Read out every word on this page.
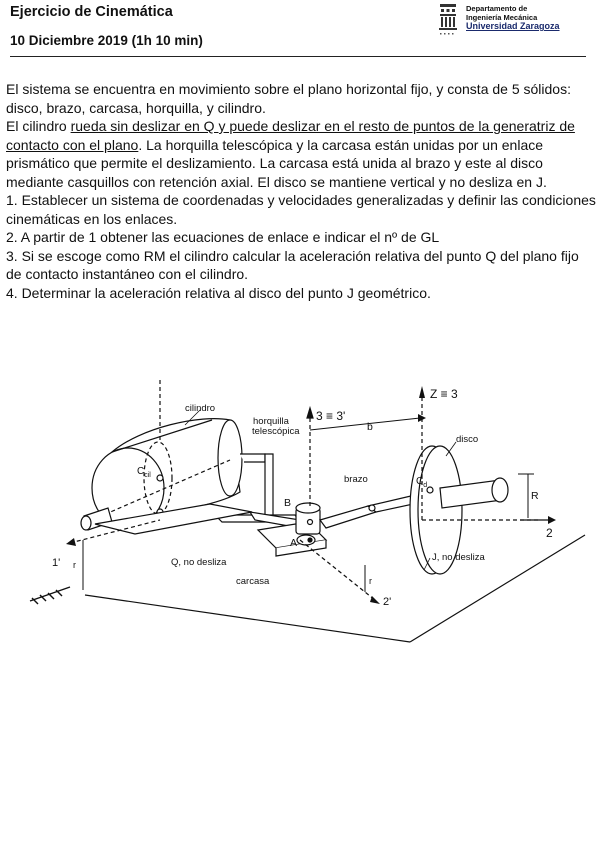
Ejercicio de Cinemática
10 Diciembre 2019 (1h 10 min)
Departamento de
Ingeniería Mecánica
Universidad Zaragoza

El sistema se encuentra en movimiento sobre el plano horizontal fijo, y consta de 5 sólidos: disco, brazo, carcasa, horquilla, y cilindro.

El cilindro rueda sin deslizar en Q y puede deslizar en el resto de puntos de la generatriz de contacto con el plano. La horquilla telescópica y la carcasa están unidas por un enlace prismático que permite el deslizamiento. La carcasa está unida al brazo y este al disco mediante casquillos con retención axial. El disco se mantiene vertical y no desliza en J.

1. Establecer un sistema de coordenadas y velocidades generalizadas y definir las condiciones cinemáticas en los enlaces.

2. A partir de 1 obtener las ecuaciones de enlace e indicar el nº de GL

3. Si se escoge como RM el cilindro calcular la aceleración relativa del punto Q del plano fijo de contacto instantáneo con el cilindro.

4. Determinar la aceleración relativa al disco del punto J geométrico.

cilindro
horquilla
telescópica
3 ≡ 3'
Z ≡ 3
b
disco
brazo
$C_{cil}$
$C_d$
R
B
A
2
1' r	Q, no desliza	J, no desliza
carcasa	r
2'
